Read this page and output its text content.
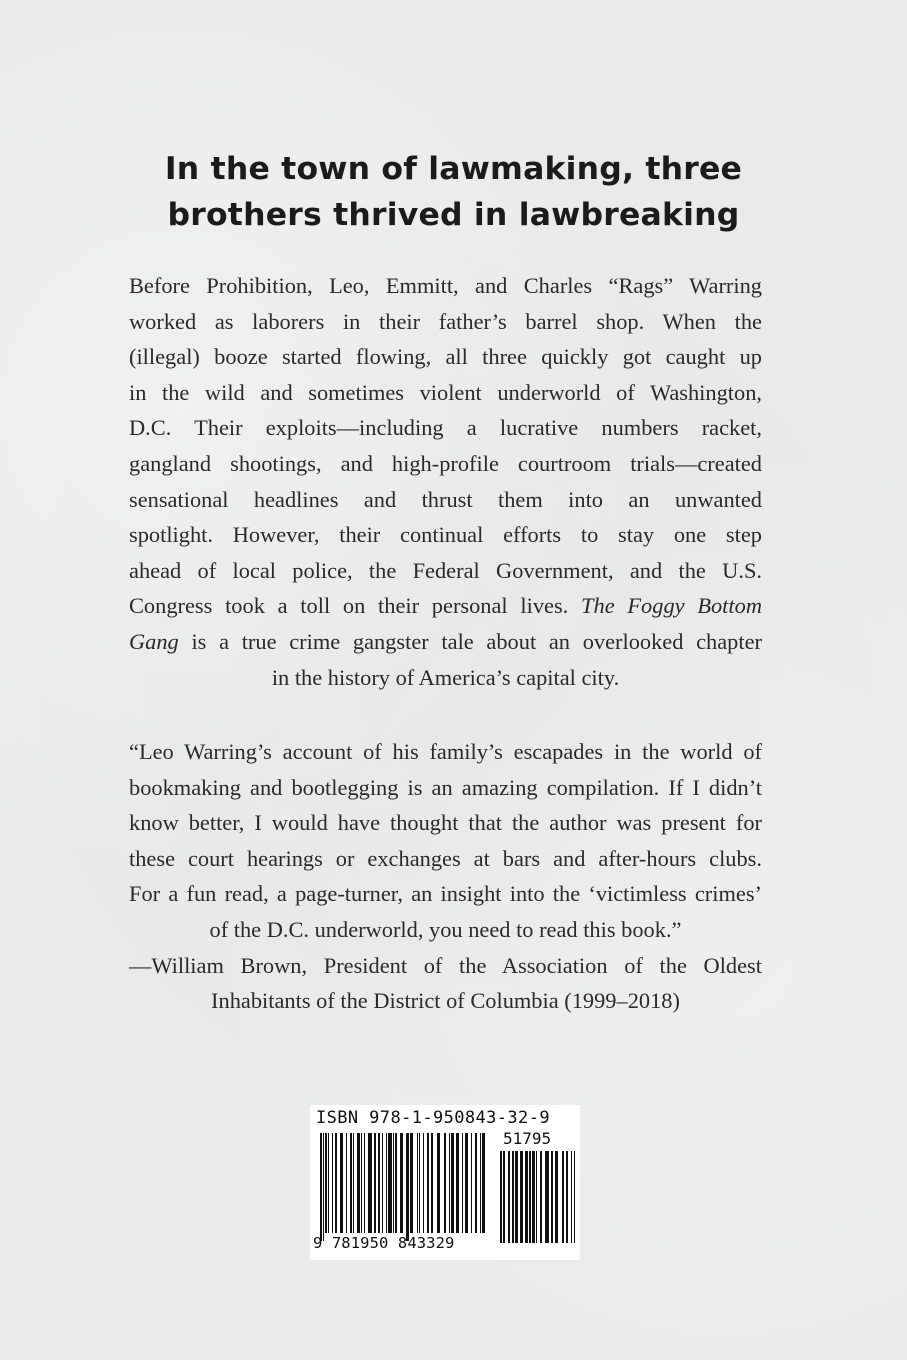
In the town of lawmaking, three
brothers thrived in lawbreaking
Before Prohibition, Leo, Emmitt, and Charles “Rags” Warring
worked as laborers in their father’s barrel shop. When the
(illegal) booze started flowing, all three quickly got caught up
in the wild and sometimes violent underworld of Washington,
D.C. Their exploits—including a lucrative numbers racket,
gangland shootings, and high-profile courtroom trials—created
sensational headlines and thrust them into an unwanted
spotlight. However, their continual efforts to stay one step
ahead of local police, the Federal Government, and the U.S.
Congress took a toll on their personal lives. The Foggy Bottom
Gang is a true crime gangster tale about an overlooked chapter
in the history of America’s capital city.
“Leo Warring’s account of his family’s escapades in the world of
bookmaking and bootlegging is an amazing compilation. If I didn’t
know better, I would have thought that the author was present for
these court hearings or exchanges at bars and after-hours clubs.
For a fun read, a page-turner, an insight into the ‘victimless crimes’
of the D.C. underworld, you need to read this book.”
—William Brown, President of the Association of the Oldest
Inhabitants of the District of Columbia (1999–2018)
ISBN 978-1-950843-32-9
51795
9 781950 843329
